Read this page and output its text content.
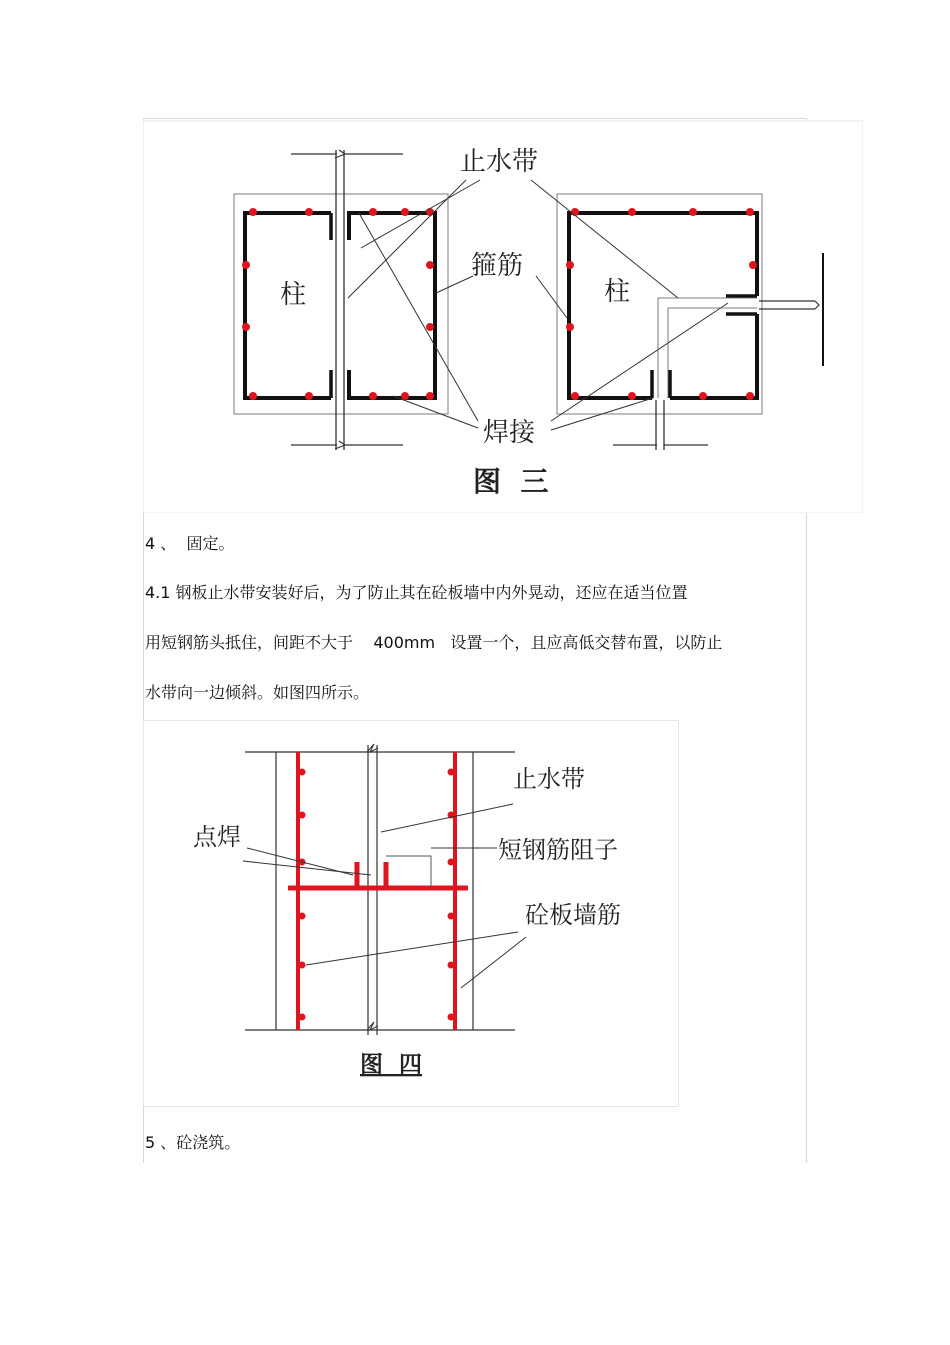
止水带
箍筋
柱	柱
焊接
图  三
4 、  固定。
4.1 钢板止水带安装好后，为了防止其在砼板墙中内外晃动，还应在适当位置
用短钢筋头抵住，间距不大于    400mm   设置一个，且应高低交替布置，以防止
水带向一边倾斜。如图四所示。
点焊
止水带
短钢筋阻子
砼板墙筋
图  四
5 、砼浇筑。
